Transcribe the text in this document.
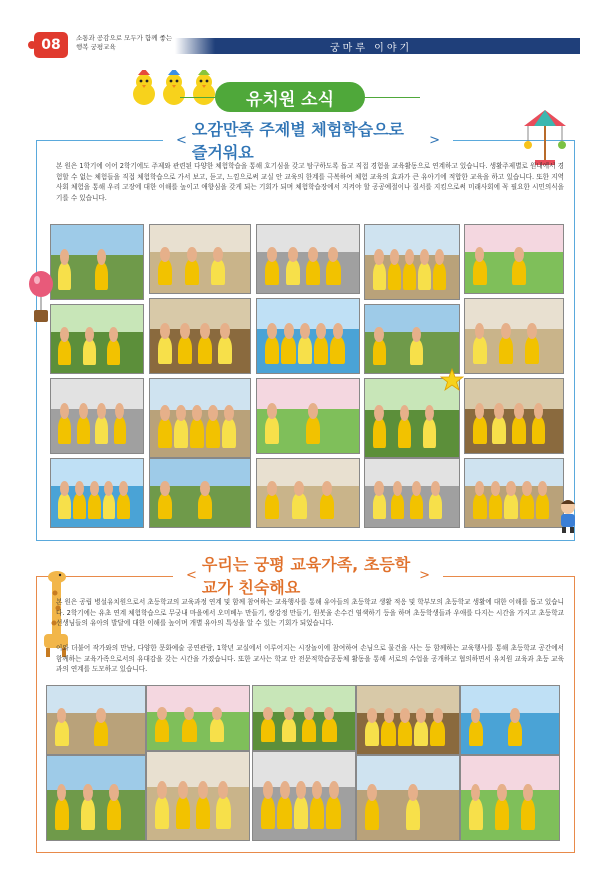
08 소통과 공감으로 모두가 함께 좋는
행복 궁평교육	궁마루 이야기
유치원 소식
<
오감만족 주제별 체험학습으로 즐거워요
>
본 원은 1학기에 이어 2학기에도 주제와 관련된 다양한 체험학습을 통해 호기심을 갖고 탐구하도록 돕고 직접 경험을 교육활동으로 연계하고 있습니다. 생활주제별로 원내에서 경험할 수 없는 체험들을 직접 체험학습으로 가서 보고, 듣고, 느낌으로써 교실 안 교육의 한계를 극복하여 체험 교육의 효과가 큰 유아기에 적합한 교육을 하고 있습니다. 또한 지역사회 체험을 통해 우리 고장에 대한 이해를 높이고 애향심을 갖게 되는 기회가 되며 체험학습장에서 지켜야 할 공공예절이나 질서를 지킴으로써 미래사회에 꼭 필요한 시민의식을 기를 수 있습니다.
<
우리는 궁평 교육가족, 초등학교가 친숙해요
>
본 원은 공립 병설유치원으로서 초등학교의 교육과정 연계 및 함께 참여하는 교육행사를 통해 유아들의 초등학교 생활 적응 및 학부모의 초등학교 생활에 대한 이해를 돕고 있습니다. 2학기에는 유초 연계 체험학습으로 무궁내 마을에서 오미베누 만들기, 쌍강정 만들기, 원봇울 손수건 염색하기 등을 하며 초등학생들과 우애를 다지는 시간을 가지고 초등학교 선생님들의 유아의 발달에 대한 이해를 높이며 개별 유아의 특성을 알 수 있는 기회가 되었습니다.
이와 더불어 작가와의 만남, 다양한 문화예술 공연관람, 1학년 교실에서 이루어지는 시장놀이에 참여하여 손님으로 물건을 사는 등 함께하는 교육행사를 통해 초등학교 공간에서 함께하는 교육가족으로서의 유대감을 갖는 시간을 가졌습니다. 또한 교사는 학교 안 전문적학습공동체 활동을 통해 서로의 수업을 공개하고 협의하면서 유치원 교육과 초등 교육과의 연계를 도모하고 있습니다.
